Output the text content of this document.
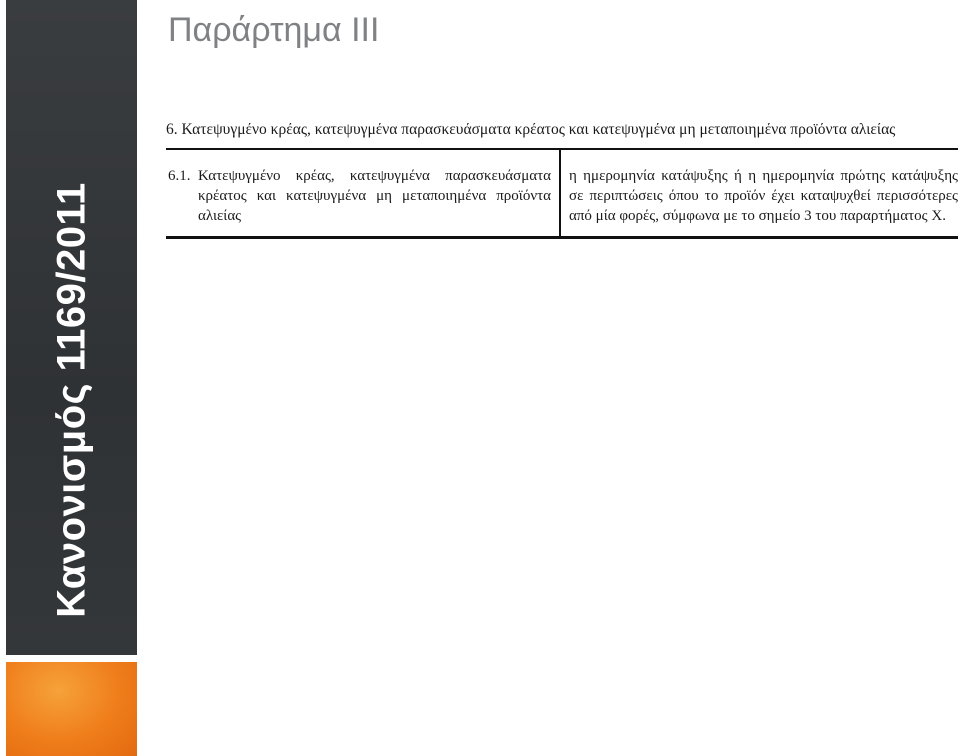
Κανονισμός 1169/2011
Παράρτημα ΙΙΙ
6. Κατεψυγμένο κρέας, κατεψυγμένα παρασκευάσματα κρέατος και κατεψυγμένα μη μεταποιημένα προϊόντα αλιείας
6.1. Κατεψυγμένο κρέας, κατεψυγμένα παρασκευάσματα κρέατος και κατεψυγμένα μη μεταποιημένα προϊόντα αλιείας
η ημερομηνία κατάψυξης ή η ημερομηνία πρώτης κατάψυξης σε περιπτώσεις όπου το προϊόν έχει καταψυχθεί περισσότερες από μία φορές, σύμφωνα με το σημείο 3 του παραρτήματος Χ.
